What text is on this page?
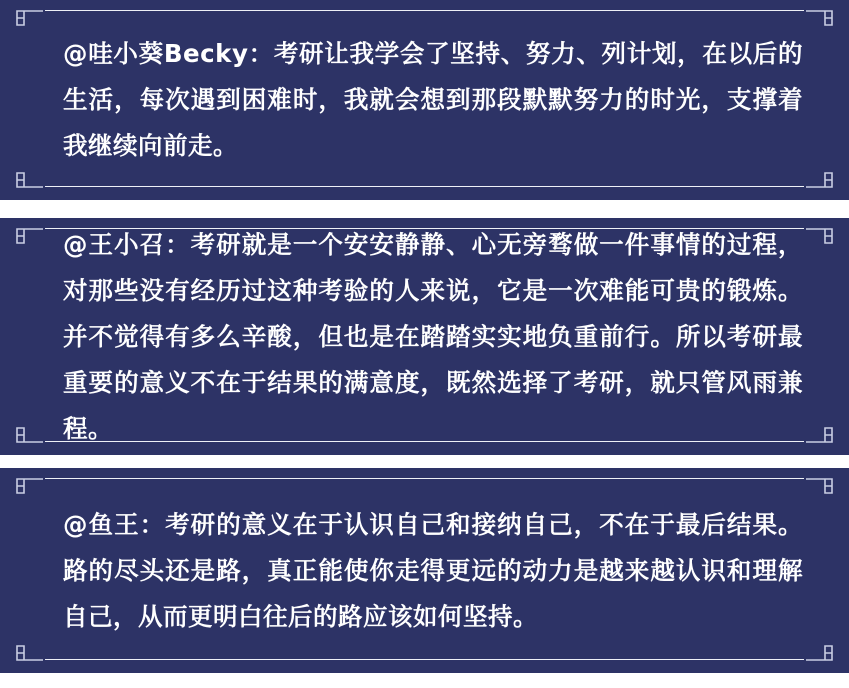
@哇小葵Becky：考研让我学会了坚持、努力、列计划，在以后的生活，每次遇到困难时，我就会想到那段默默努力的时光，支撑着我继续向前走。

@王小召：考研就是一个安安静静、心无旁骛做一件事情的过程，对那些没有经历过这种考验的人来说，它是一次难能可贵的锻炼。并不觉得有多么辛酸，但也是在踏踏实实地负重前行。所以考研最重要的意义不在于结果的满意度，既然选择了考研，就只管风雨兼程。

@鱼王：考研的意义在于认识自己和接纳自己，不在于最后结果。路的尽头还是路，真正能使你走得更远的动力是越来越认识和理解自己，从而更明白往后的路应该如何坚持。
